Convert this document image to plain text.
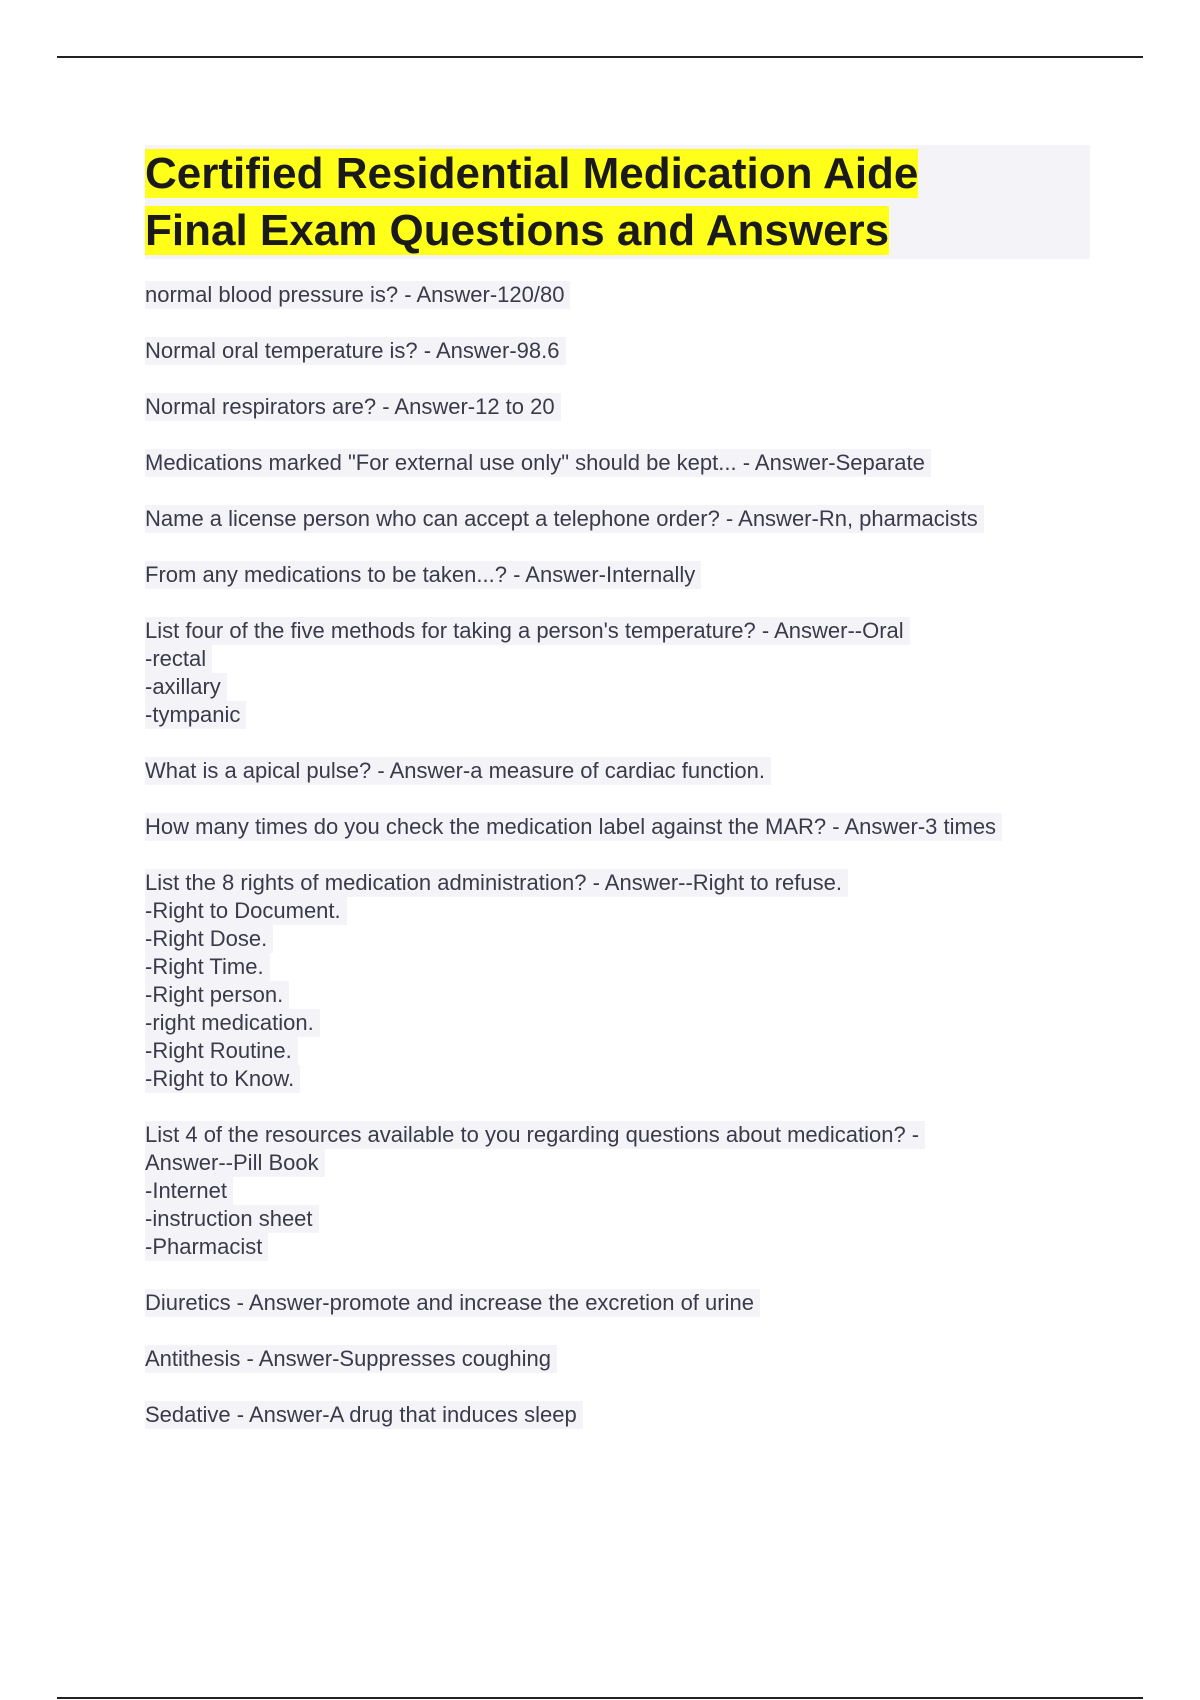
Certified Residential Medication Aide
Final Exam Questions and Answers
normal blood pressure is? - Answer-120/80
Normal oral temperature is? - Answer-98.6
Normal respirators are? - Answer-12 to 20
Medications marked "For external use only" should be kept... - Answer-Separate
Name a license person who can accept a telephone order? - Answer-Rn, pharmacists
From any medications to be taken...? - Answer-Internally
List four of the five methods for taking a person's temperature? - Answer--Oral
-rectal
-axillary
-tympanic
What is a apical pulse? - Answer-a measure of cardiac function.
How many times do you check the medication label against the MAR? - Answer-3 times
List the 8 rights of medication administration? - Answer--Right to refuse.
-Right to Document.
-Right Dose.
-Right Time.
-Right person.
-right medication.
-Right Routine.
-Right to Know.
List 4 of the resources available to you regarding questions about medication? -
Answer--Pill Book
-Internet
-instruction sheet
-Pharmacist
Diuretics - Answer-promote and increase the excretion of urine
Antithesis - Answer-Suppresses coughing
Sedative - Answer-A drug that induces sleep
